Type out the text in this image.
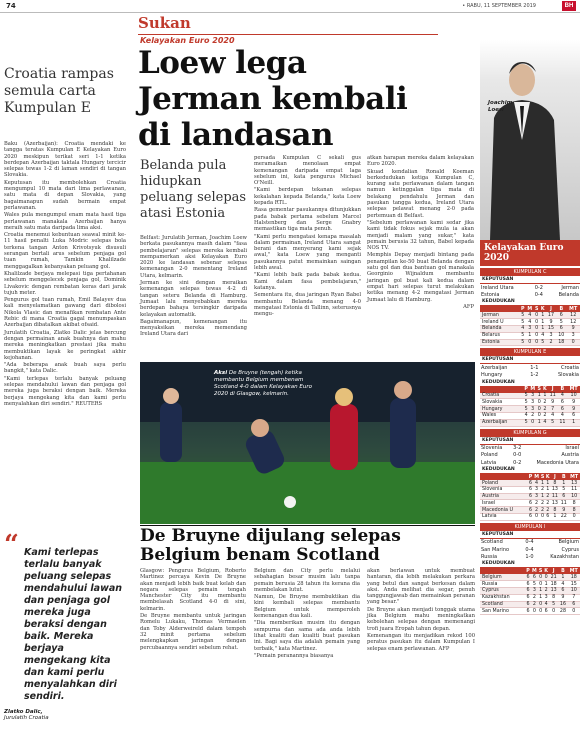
74	• RABU, 11 SEPTEMBER 2019	BH
Sukan
Kelayakan Euro 2020
Loew lega Jerman kembali di landasan
Joachim
Loew
Croatia rampas semula carta Kumpulan E

Baku (Azerbaijan): Croatia mendaki ke tangga teratas Kumpulan E Kelayakan Euro 2020 meskipun terikat seri 1-1 ketika berdepan Azerbaijan taktala Hungary tercicir selepas tewas 1-2 di laman sendiri di tangan Slovakia.

Keputusan itu membolehkan Croatia mengumpul 10 mata dari lima perlawanan, satu mata di depan Slovakia, yang bagaimanapun sudah bermain empat perlawanan.

Wales pula mengumpul enam mata hasil tiga perlawanan manakala Azerbaijan hanya meraih satu mata daripada lima aksi.

Croatia menemui kebuntuan seawal minit ke-11 hasil penalti Luka Modric selepas bola terkena tangan Anton Krivotsyuk disusuli serangan bertali arus sebelum penjaga gol tuan rumah, Tamkin Khalilzade menggagalkan kebanyakan peluang gol.

Khalilzade berjaya melepasi tiga pertahanan sebelum menggelecek penjaga gol, Dominik Livakovic dengan rembatan keras dari jarak tujuh meter.

Pengurus gol tuan rumah, Emil Balayev dua kali menyelamatkan gawang dari dibolosi Nikola Vlasic dan menafikan rembatan Ante Rebic di mana Croatia gagal menumpaskan Azerbaijan dibatalkan akibat ofsaid.

Jurulatih Croatia, Zlatko Dalic jelas bercung dengan permainan anak buahnya dan mahu mereka meningkatkan prestasi jika mahu membuktikan layak ke peringkat akhir kejohanan.

"Ada beberapa anak buah saya perlu bangkit," kata Dalic.

"Kami terlepas terlalu banyak peluang selepas mendahului lawan dan penjaga gol mereka juga beraksi dengan baik. Mereka berjaya mengekang kita dan kami perlu menyalahkan diri sendiri." REUTERS

“ Kami terlepas terlalu banyak peluang selepas mendahului lawan dan penjaga gol mereka juga beraksi dengan baik. Mereka berjaya mengekang kita dan kami perlu menyalahkan diri sendiri.
Zlatko Dalic,
Jurulatih Croatia
Belanda pula hidupkan peluang selepas atasi Estonia

Belfast: Jurulatih Jerman, Joachim Loew berkata pasukannya masih dalam "fasa pembelajaran" selepas mereka kembali mempamerkan aksi Kelayakan Euro 2020 ke landasan sebenar selepas kemenangan 2-0 menentang Ireland Utara, kelmarin.

Jerman ke sini dengan meraikan kemenangan selepas tewas 4-2 di tangan seteru Belanda di Hamburg. Jumaat lalu menyebabkan mereka berdepan bahaya tersingkir daripada kelayakan automatik.

Bagaimanapun, kemenangan itu menyaksikan mereka memendang Ireland Utara dari

persada Kumpulan C sekali gus meramaikan menolaan empat kemenangan daripada empat laga sebelum ini, kata pengurus Michael O'Neill.

"Kami berdepan tekanan selepas kekalahan kepada Belanda," kata Loew kepada RTL.

Rasa gementar pasukannya ditunjukkan pada babak pertama sebelum Marcel Halstenberg dan Serge Gnabry memastikan tiga mata penuh.

"Kami perlu mengatasi kenapa masalah dalam permainan, Ireland Utara sangat berani dan menyerang kami sejak awal," kata Loew yang menganti pasukannya patut memainkan saingan lebih awal.

"Kami lebih baik pada babak kedua. Kami dalam fasa pembelajaran," katanya.

Sementara itu, dua jaringan Ryan Babel membantu Belanda menang 4-0 mengatasi Estonia di Tallinn, seterusnya mengu-

atkan harapan mereka dalam kelayakan Euro 2020.

Skuad kendalian Ronald Koeman berkedudukan ketiga Kumpulan C, kurang satu perlawanan dalam tangan namun ketinggalan tiga mata di belakang pendahulu Jerman dan pasukan tangga kedua, Ireland Utara selepas pelawat menang 2-0 pada pertemuan di Belfast.

"Sebelum perlawanan kami sedar jika kami tidak fokus sejak mula ia akan menjadi malam yang sukar," kata pemain berusia 32 tahun, Babel kepada NOS TV.

Memphis Depay menjadi bintang pada penampilan ke-50 buat Belanda dengan satu gol dan dua bantuan gol manakala Georginio Wijnaldum membantu jaringan gol buat kali kedua dalam empat hari selepas turut melakukan ketika menang 4-2 mengatasi Jerman Jumaat lalu di Hamburg.

AFP

Aksi De Bruyne (tengah) ketika membantu Belgium membenam Scotland 4-0 dalam Kelayakan Euro 2020 di Glasgow, kelmarin.
De Bruyne dijulang selepas Belgium benam Scotland

Glasgow: Pengurus Belgium, Roberto Martinez percaya Kevin De Bruyne akan menjadi lebih baik buat kelab dan negara selepas pemain tengah Manchester City itu membantu membelasah Scotland 4-0 di sini, kelmarin.

De Bruyne membantu untuk jaringan Romelu Lukaku, Thomas Vermaelen dan Toby Alderweireld dalam tempoh 32 minit pertama sebelum melengkapkan jaringan dengan percubaannya sendiri sebelum rehat.

Belgium dan City perlu melalui sebahagian besar musim lalu tanpa pemain berusia 28 tahun itu kerana dia membelakan lutut.

Namun, De Bruyne membuktikan dia kini kembali selepas membantu Belgium untuk memperoleh kemenangan dua kali.

"Dia memberikan musim itu dengan sempurna dan sama ada anda lebih lihat kualiti dan kualiti buat pasukan ini. Bagi saya dia adalah pemain yang terbaik," kata Martinez.

"Pemain peranannya biasanya

akan berlawan untuk membuat hantaran, dia lebih melakukan perkara yang betul dan sangat berkesan dalam aksi. Anda melihat dia segar, penuh tanggungjawab dan memainkan peranan yang besar."

De Bruyne akan menjadi tonggak utama jika Belgium mahu meningkatkan kebolehan selepas dengan memenangi trofi juara Eropah tahun depan.

Kemenangan itu menjadikan rekod 100 peratus pasukan itu dalam Kumpulan I selepas enam perlawanan. AFP

Kelayakan Euro 2020
KUMPULAN C
KEPUTUSAN
Ireland Utara	0-2	Jerman
Estonia	0-4	Belanda
KEDUDUKAN
	P	M	S	K	J	B	MT
Jerman	5	4	0	1	17	6	12
Ireland U	5	4	0	1	9	5	12
Belanda	4	3	0	1	15	6	9
Belarus	5	1	0	4	3	10	3
Estonia	5	0	0	5	2	18	0
KUMPULAN E
KEPUTUSAN
Azerbaijan	1-1	Croatia
Hungary	1-2	Slovakia
KEDUDUKAN
	P	M	S	K	J	B	MT
Croatia	5	3	1	1	11	4	10
Slovakia	5	3	0	2	9	6	9
Hungary	5	3	0	2	7	6	9
Wales	4	2	0	2	4	4	6
Azerbaijan	5	0	1	4	5	11	1
KUMPULAN G
KEPUTUSAN
Slovenia	3-2	Israel
Poland	0-0	Austria
Latvia	0-2	Macedonia Utara
KEDUDUKAN
	P	M	S	K	J	B	MT
Poland	6	4	1	1	8	1	13
Slovenia	6	3	2	1	13	5	11
Austria	6	3	1	2	11	6	10
Israel	6	2	2	2	13	11	8
Macedonia U	6	2	2	2	8	9	8
Latvia	6	0	0	6	1	22	0
KUMPULAN I
KEPUTUSAN
Scotland	0-4	Belgium
San Marino	0-4	Cyprus
Russia	1-0	Kazakhstan
KEDUDUKAN
	P	M	S	K	J	B	MT
Belgium	6	6	0	0	21	1	18
Russia	6	5	0	1	18	4	15
Cyprus	6	3	1	2	13	6	10
Kazakhstan	6	2	1	3	8	9	7
Scotland	6	2	0	4	5	16	6
San Marino	6	0	0	6	0	28	0
